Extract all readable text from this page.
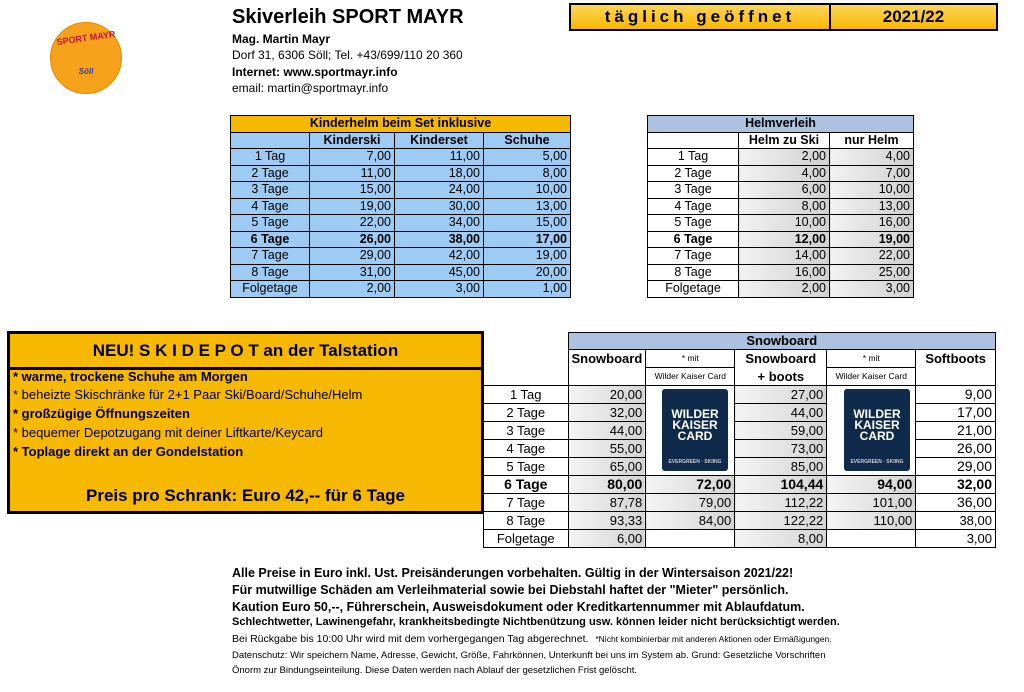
SPORT MAYR
Söll
Skiverleih SPORT MAYR
Mag. Martin Mayr
Dorf 31, 6306 Söll; Tel. +43/699/110 20 360
Internet: www.sportmayr.info
email: martin@sportmayr.info
täglich geöffnet	2021/22
Kinderhelm beim Set inklusive			
	Kinderski	Kinderset	Schuhe
1 Tag	7,00	11,00	5,00
2 Tage	11,00	18,00	8,00
3 Tage	15,00	24,00	10,00
4 Tage	19,00	30,00	13,00
5 Tage	22,00	34,00	15,00
6 Tage	26,00	38,00	17,00
7 Tage	29,00	42,00	19,00
8 Tage	31,00	45,00	20,00
Folgetage	2,00	3,00	1,00
Helmverleih		
	Helm zu Ski	nur Helm
1 Tag	2,00	4,00
2 Tage	4,00	7,00
3 Tage	6,00	10,00
4 Tage	8,00	13,00
5 Tage	10,00	16,00
6 Tage	12,00	19,00
7 Tage	14,00	22,00
8 Tage	16,00	25,00
Folgetage	2,00	3,00
NEU! S K I D E P O T an der Talstation
* warme, trockene Schuhe am Morgen
* beheizte Skischränke für 2+1 Paar Ski/Board/Schuhe/Helm
* großzügige Öffnungszeiten
* bequemer Depotzugang mit deiner Liftkarte/Keycard
* Toplage direkt an der Gondelstation
Preis pro Schrank: Euro 42,-- für 6 Tage
	Snowboard				
	Snowboard	* mit	Snowboard	* mit	Softboots
		Wilder Kaiser Card	+ boots	Wilder Kaiser Card	
1 Tag	20,00		27,00		9,00
2 Tage	32,00		44,00		17,00
3 Tage	44,00		59,00		21,00
4 Tage	55,00		73,00		26,00
5 Tage	65,00		85,00		29,00
6 Tage	80,00	72,00	104,44	94,00	32,00
7 Tage	87,78	79,00	112,22	101,00	36,00
8 Tage	93,33	84,00	122,22	110,00	38,00
Folgetage	6,00		8,00		3,00
WILDER KAISER CARD
EVERGREEN · SKIING
WILDER KAISER CARD
EVERGREEN · SKIING
Alle Preise in Euro inkl. Ust. Preisänderungen vorbehalten. Gültig in der Wintersaison 2021/22!
Für mutwillige Schäden am Verleihmaterial sowie bei Diebstahl haftet der "Mieter" persönlich.
Kaution Euro 50,--, Führerschein, Ausweisdokument oder Kreditkartennummer mit Ablaufdatum.
Schlechtwetter, Lawinengefahr, krankheitsbedingte Nichtbenützung usw. können leider nicht berücksichtigt werden.
Bei Rückgabe bis 10:00 Uhr wird mit dem vorhergegangen Tag abgerechnet. *Nicht kombinierbar mit anderen Aktionen oder Ermäßigungen.
Datenschutz: Wir speichern Name, Adresse, Gewicht, Größe, Fahrkönnen, Unterkunft bei uns im System ab. Grund: Gesetzliche Vorschriften
Önorm zur Bindungseinteilung. Diese Daten werden nach Ablauf der gesetzlichen Frist gelöscht.
